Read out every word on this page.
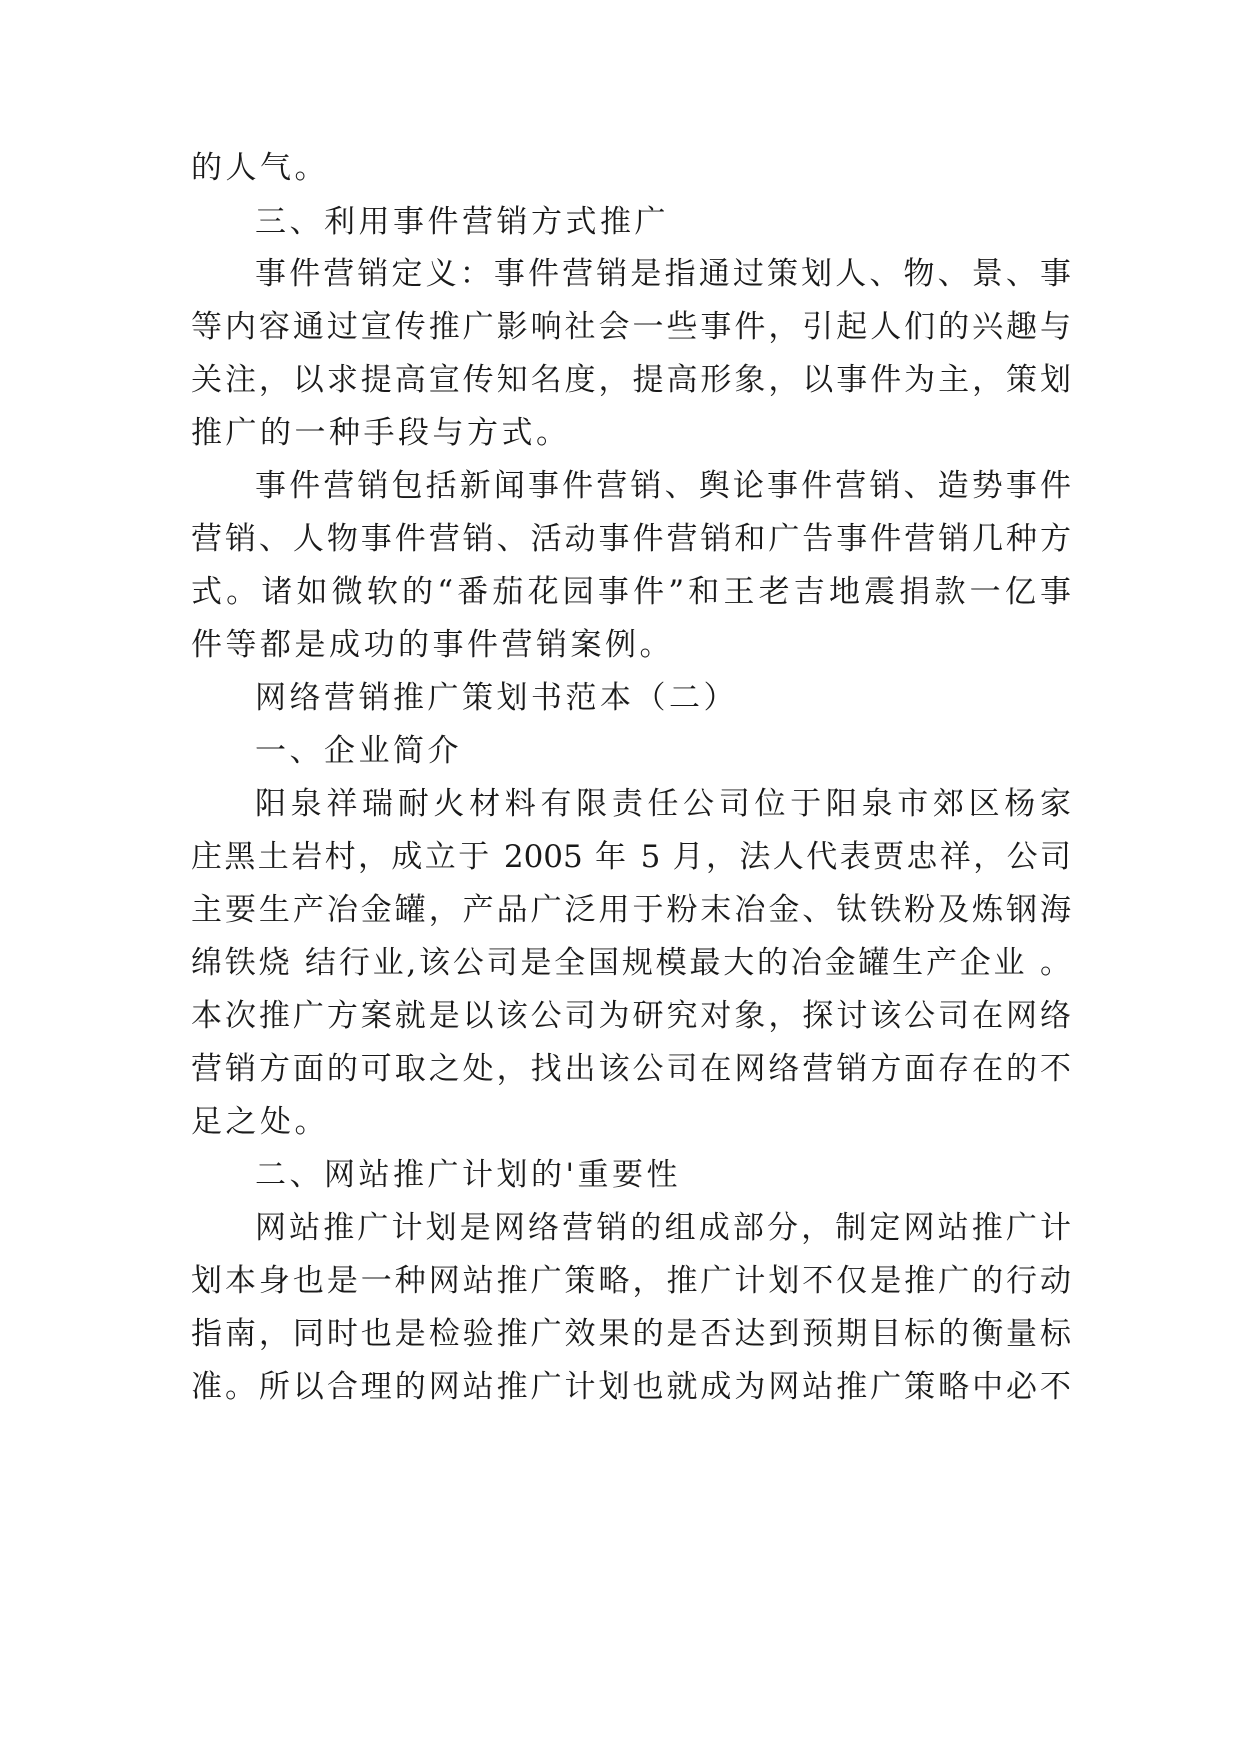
的人气。

三、利用事件营销方式推广

事件营销定义：事件营销是指通过策划人、物、景、事

等内容通过宣传推广影响社会一些事件，引起人们的兴趣与

关注，以求提高宣传知名度，提高形象，以事件为主，策划

推广的一种手段与方式。

事件营销包括新闻事件营销、舆论事件营销、造势事件

营销、人物事件营销、活动事件营销和广告事件营销几种方

式。诸如微软的“番茄花园事件”和王老吉地震捐款一亿事

件等都是成功的事件营销案例。

网络营销推广策划书范本（二）

一、企业简介

阳泉祥瑞耐火材料有限责任公司位于阳泉市郊区杨家

庄黑土岩村，成立于 2005 年 5 月，法人代表贾忠祥，公司

主要生产冶金罐，产品广泛用于粉末冶金、钛铁粉及炼钢海

绵铁烧 结行业,该公司是全国规模最大的冶金罐生产企业 。

本次推广方案就是以该公司为研究对象，探讨该公司在网络

营销方面的可取之处，找出该公司在网络营销方面存在的不

足之处。

二、网站推广计划的'重要性

网站推广计划是网络营销的组成部分，制定网站推广计

划本身也是一种网站推广策略，推广计划不仅是推广的行动

指南，同时也是检验推广效果的是否达到预期目标的衡量标

准。所以合理的网站推广计划也就成为网站推广策略中必不
